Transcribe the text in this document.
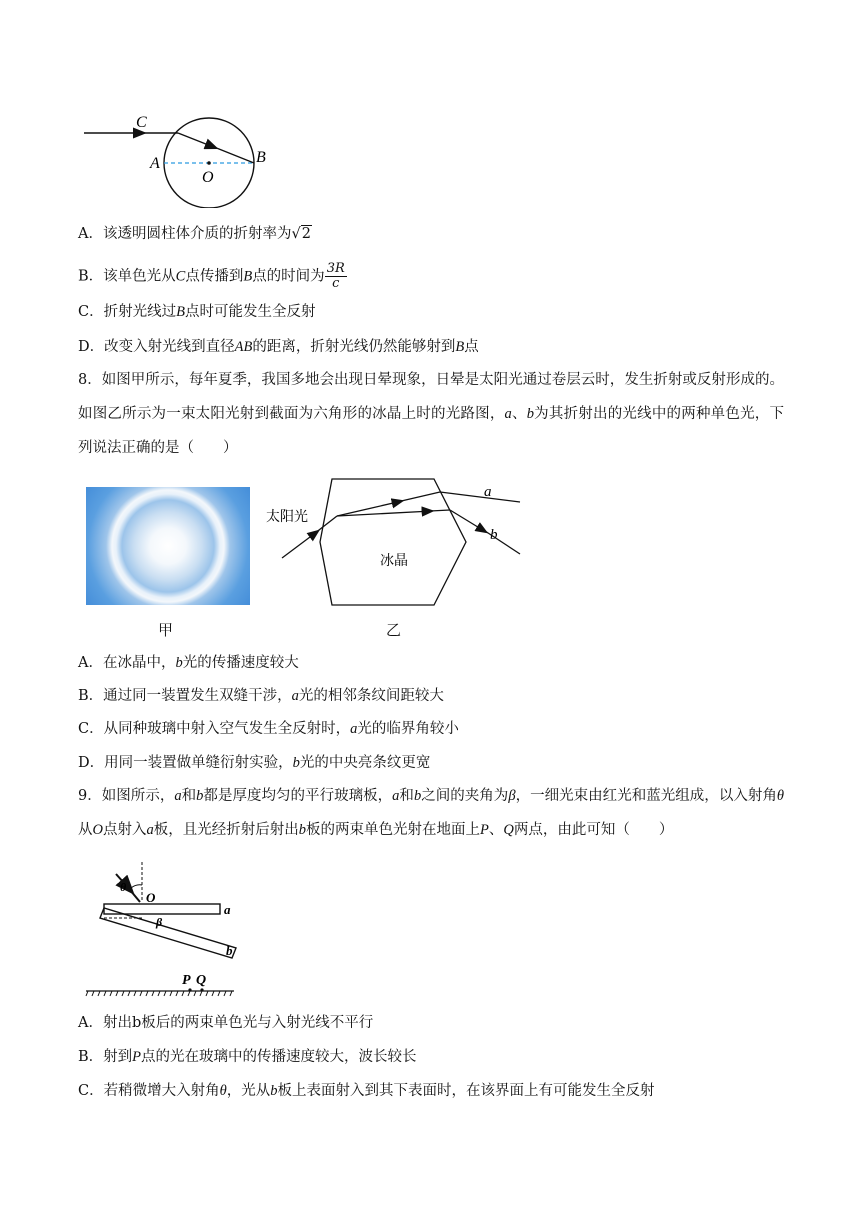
C
A
O
B
A．该透明圆柱体介质的折射率为√2
B．该单色光从C点传播到B点的时间为 $\frac{3R}{c}$
C．折射光线过B点时可能发生全反射
D．改变入射光线到直径AB的距离，折射光线仍然能够射到B点
8．如图甲所示，每年夏季，我国多地会出现日晕现象，日晕是太阳光通过卷层云时，发生折射或反射形成的。如图乙所示为一束太阳光射到截面为六角形的冰晶上时的光路图，a、b为其折射出的光线中的两种单色光，下列说法正确的是（　　）
甲
太阳光
冰晶
a
b
乙
A．在冰晶中，b光的传播速度较大
B．通过同一装置发生双缝干涉，a光的相邻条纹间距较大
C．从同种玻璃中射入空气发生全反射时，a光的临界角较小
D．用同一装置做单缝衍射实验，b光的中央亮条纹更宽
9．如图所示，a和b都是厚度均匀的平行玻璃板，a和b之间的夹角为β，一细光束由红光和蓝光组成，以入射角θ从O点射入a板，且光经折射后射出b板的两束单色光射在地面上P、Q两点，由此可知（　　）
θ
O
β
a
b
P Q
A．射出b板后的两束单色光与入射光线不平行
B．射到P点的光在玻璃中的传播速度较大，波长较长
C．若稍微增大入射角θ，光从b板上表面射入到其下表面时，在该界面上有可能发生全反射
